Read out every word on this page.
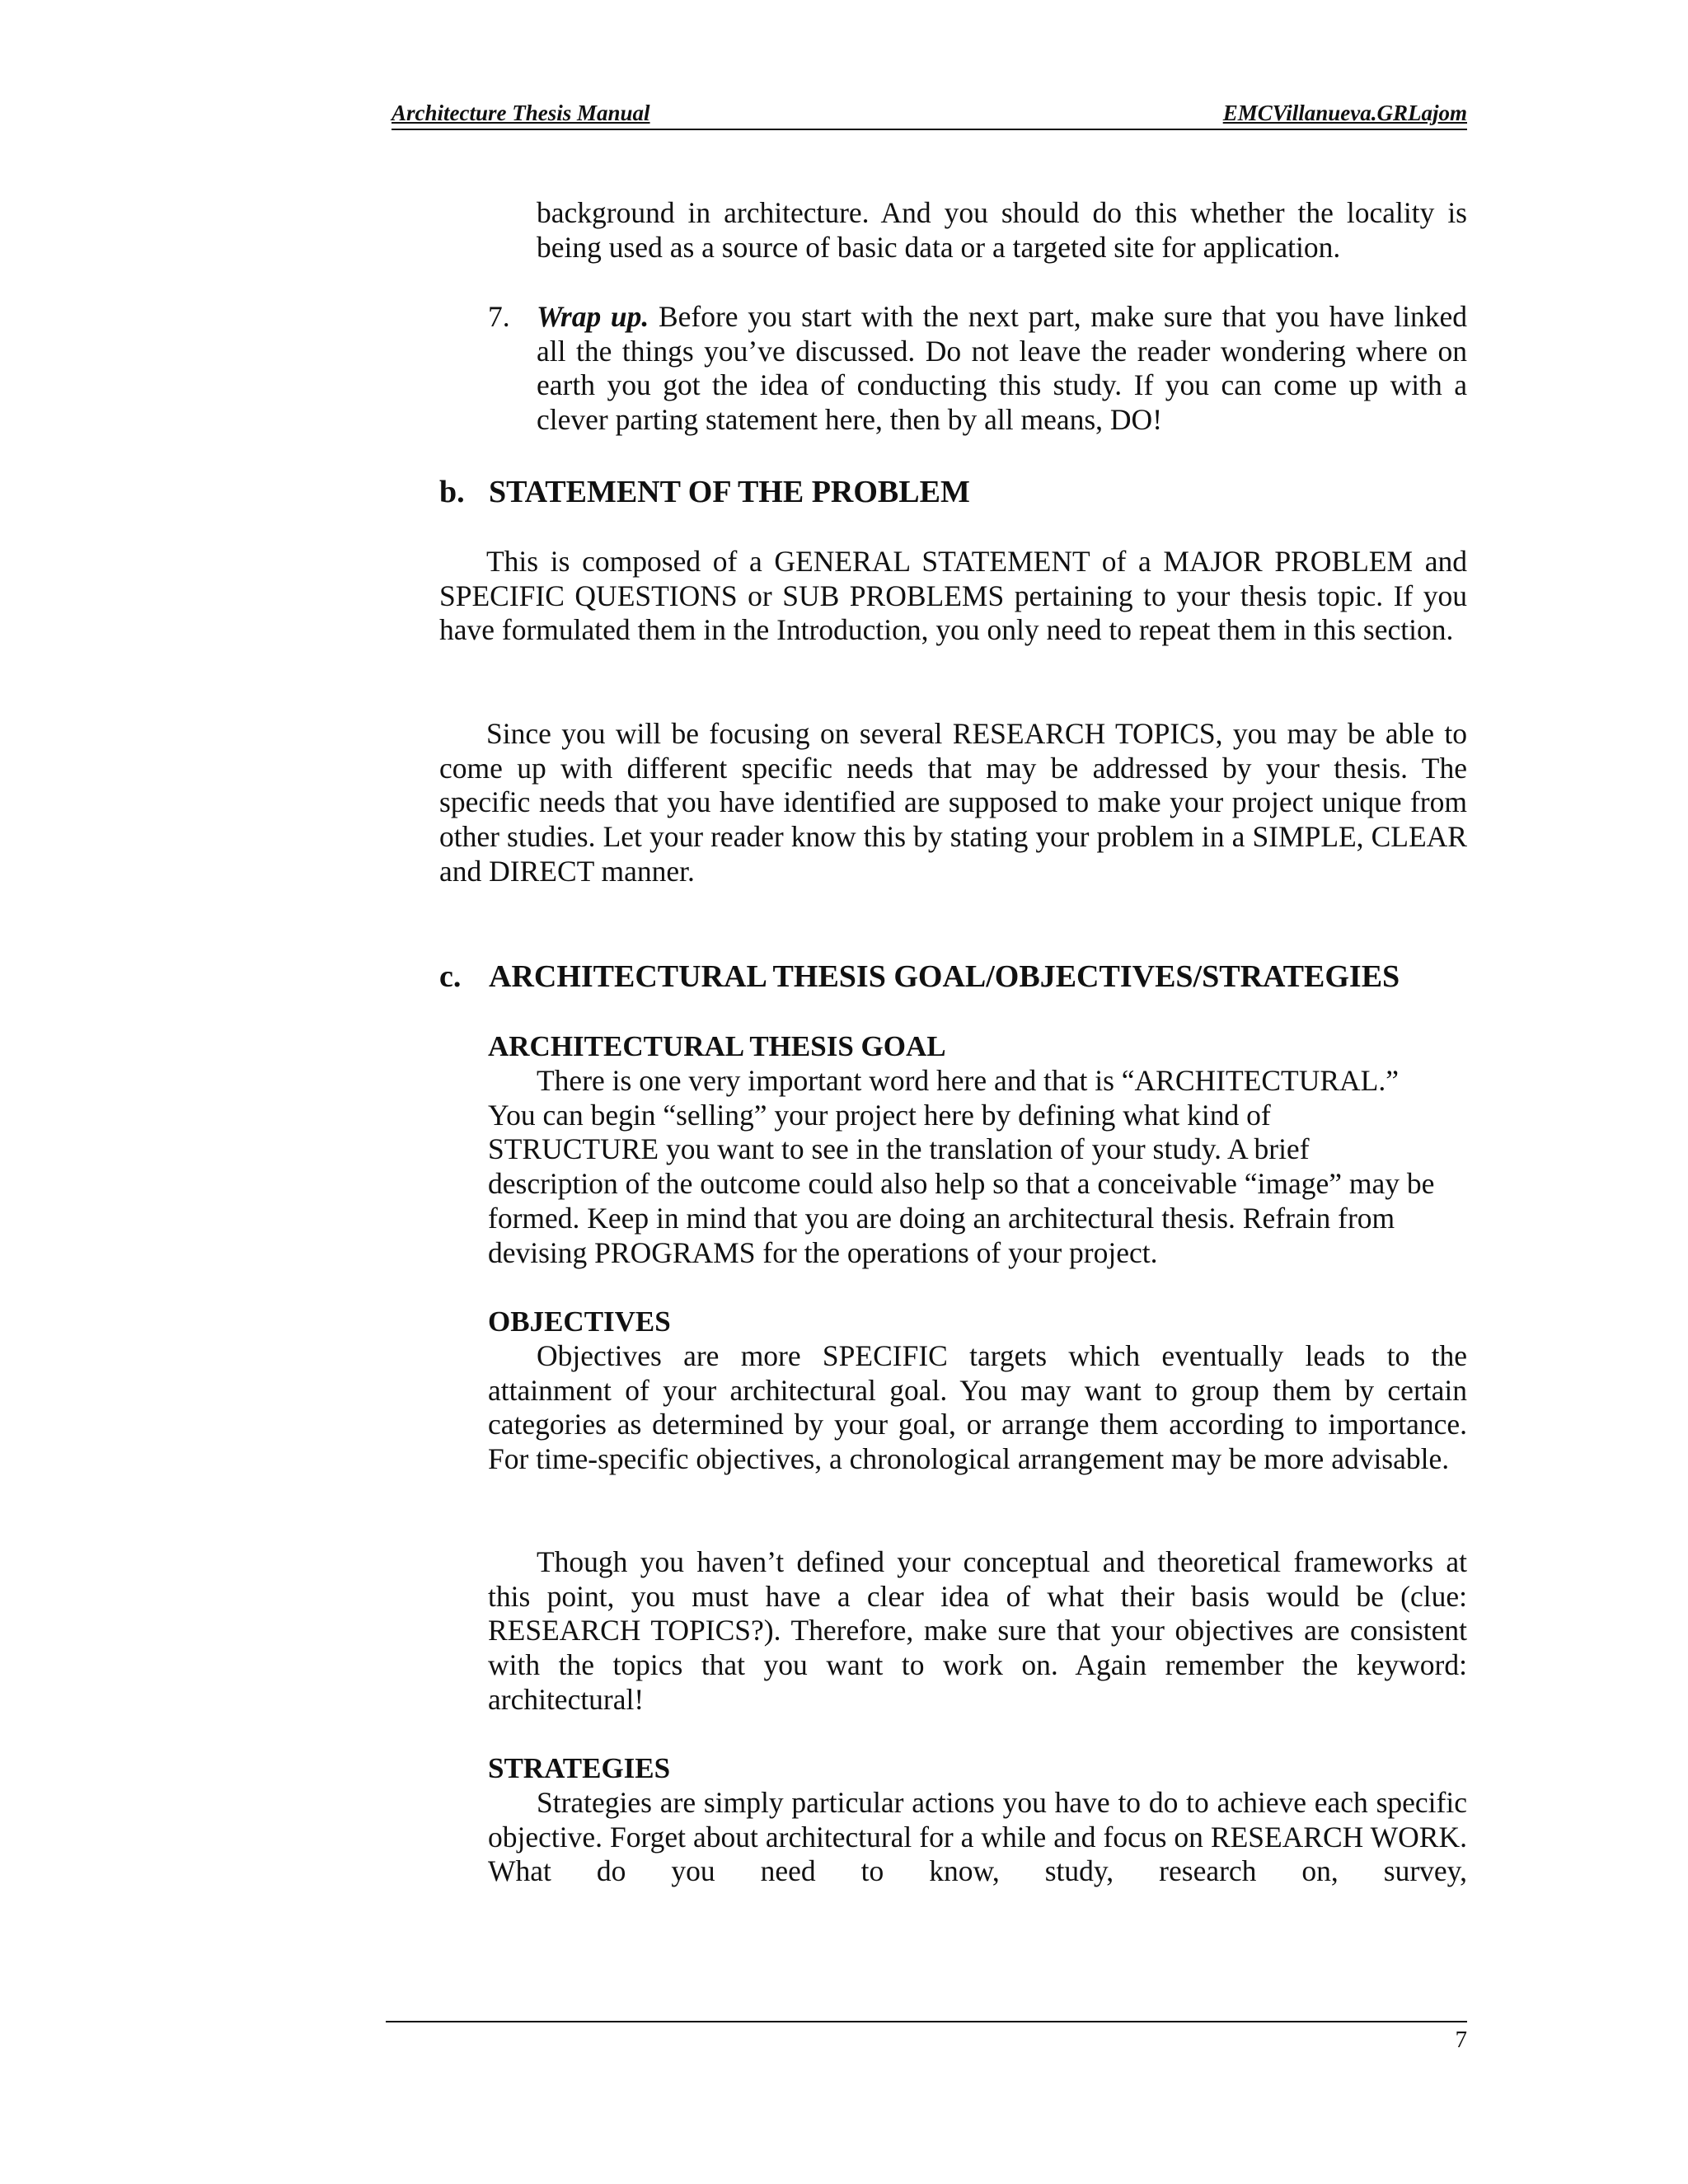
Architecture Thesis Manual	EMCVillanueva.GRLajom

background in architecture. And you should do this whether the locality is being used as a source of basic data or a targeted site for application.

7. Wrap up. Before you start with the next part, make sure that you have linked all the things you’ve discussed. Do not leave the reader wondering where on earth you got the idea of conducting this study. If you can come up with a clever parting statement here, then by all means, DO!

b. STATEMENT OF THE PROBLEM

This is composed of a GENERAL STATEMENT of a MAJOR PROBLEM and SPECIFIC QUESTIONS or SUB PROBLEMS pertaining to your thesis topic. If you have formulated them in the Introduction, you only need to repeat them in this section.

Since you will be focusing on several RESEARCH TOPICS, you may be able to come up with different specific needs that may be addressed by your thesis. The specific needs that you have identified are supposed to make your project unique from other studies. Let your reader know this by stating your problem in a SIMPLE, CLEAR and DIRECT manner.

c. ARCHITECTURAL THESIS GOAL/OBJECTIVES/STRATEGIES
ARCHITECTURAL THESIS GOAL
There is one very important word here and that is “ARCHITECTURAL.”
You can begin “selling” your project here by defining what kind of
STRUCTURE you want to see in the translation of your study. A brief
description of the outcome could also help so that a conceivable “image” may be
formed. Keep in mind that you are doing an architectural thesis. Refrain from
devising PROGRAMS for the operations of your project.
OBJECTIVES

Objectives are more SPECIFIC targets which eventually leads to the attainment of your architectural goal. You may want to group them by certain categories as determined by your goal, or arrange them according to importance. For time-specific objectives, a chronological arrangement may be more advisable.

Though you haven’t defined your conceptual and theoretical frameworks at this point, you must have a clear idea of what their basis would be (clue: RESEARCH TOPICS?). Therefore, make sure that your objectives are consistent with the topics that you want to work on. Again remember the keyword: architectural!

STRATEGIES

Strategies are simply particular actions you have to do to achieve each specific objective. Forget about architectural for a while and focus on RESEARCH WORK. What do you need to know, study, research on, survey,

7
